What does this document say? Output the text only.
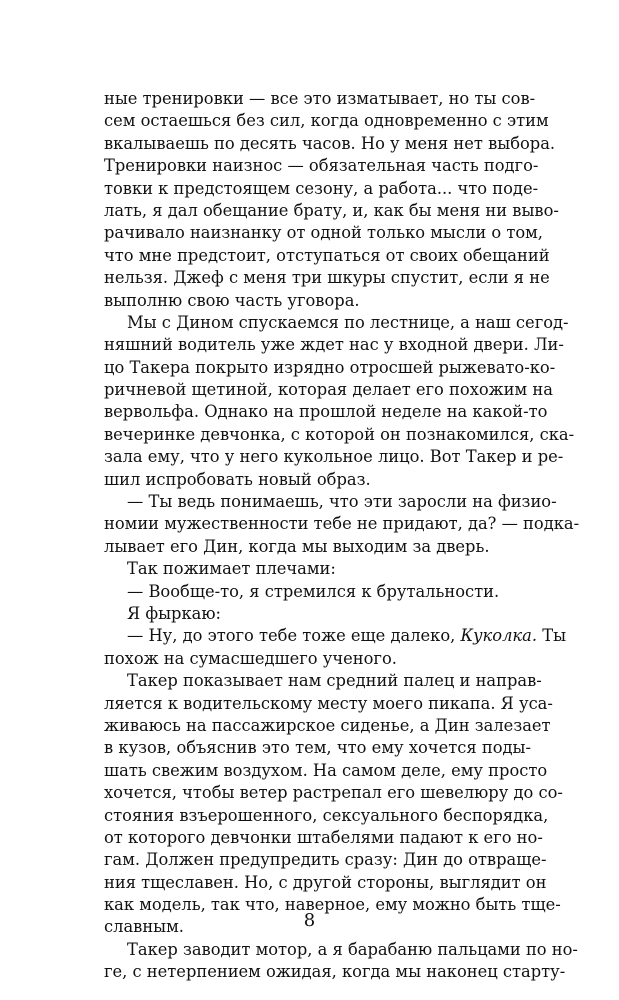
ные тренировки — все это изматывает, но ты сов-
сем остаешься без сил, когда одновременно с этим
вкалываешь по десять часов. Но у меня нет выбора.
Тренировки наизнос — обязательная часть подго-
товки к предстоящем сезону, а работа... что поде-
лать, я дал обещание брату, и, как бы меня ни выво-
рачивало наизнанку от одной только мысли о том,
что мне предстоит, отступаться от своих обещаний
нельзя. Джеф с меня три шкуры спустит, если я не
выполню свою часть уговора.
Мы с Дином спускаемся по лестнице, а наш сегод-
няшний водитель уже ждет нас у входной двери. Ли-
цо Такера покрыто изрядно отросшей рыжевато-ко-
ричневой щетиной, которая делает его похожим на
вервольфа. Однако на прошлой неделе на какой-то
вечеринке девчонка, с которой он познакомился, ска-
зала ему, что у него кукольное лицо. Вот Такер и ре-
шил испробовать новый образ.
— Ты ведь понимаешь, что эти заросли на физио-
номии мужественности тебе не придают, да? — подка-
лывает его Дин, когда мы выходим за дверь.
Так пожимает плечами:
— Вообще-то, я стремился к брутальности.
Я фыркаю:
— Ну, до этого тебе тоже еще далеко, Куколка. Ты
похож на сумасшедшего ученого.
Такер показывает нам средний палец и направ-
ляется к водительскому месту моего пикапа. Я уса-
живаюсь на пассажирское сиденье, а Дин залезает
в кузов, объяснив это тем, что ему хочется поды-
шать свежим воздухом. На самом деле, ему просто
хочется, чтобы ветер растрепал его шевелюру до со-
стояния взъерошенного, сексуального беспорядка,
от которого девчонки штабелями падают к его но-
гам. Должен предупредить сразу: Дин до отвраще-
ния тщеславен. Но, с другой стороны, выглядит он
как модель, так что, наверное, ему можно быть тще-
славным.
Такер заводит мотор, а я барабаню пальцами по но-
ге, с нетерпением ожидая, когда мы наконец старту-
8
